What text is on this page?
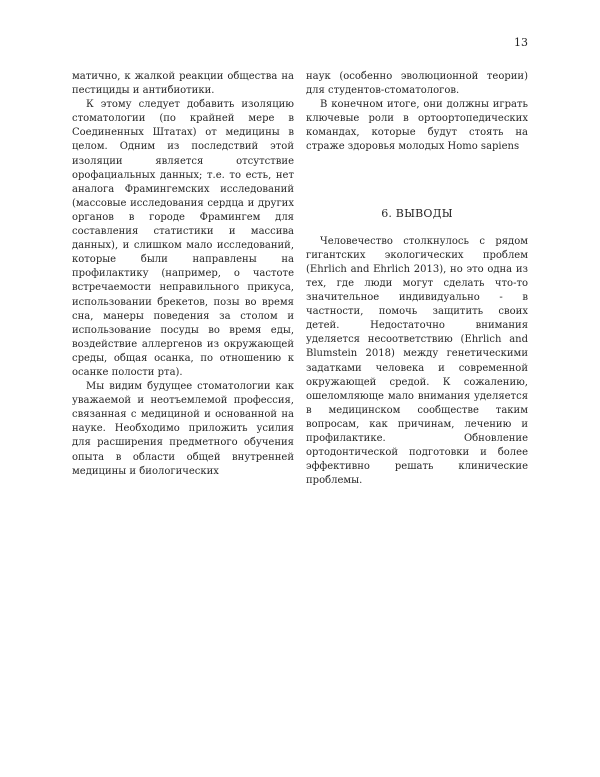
13

матично, к жалкой реакции общества на пестициды и антибиотики.

К этому следует добавить изоляцию стоматологии (по крайней мере в Соединенных Штатах) от медицины в целом. Одним из последствий этой изоляции является отсутствие орофациальных данных; т.е. то есть, нет аналога Фрамингемских исследований (массовые исследования сердца и других органов в городе Фрамингем для составления статистики и массива данных), и слишком мало исследований, которые были направлены на профилактику (например, о частоте встречаемости неправильного прикуса, использовании брекетов, позы во время сна, манеры поведения за столом и использование посуды во время еды, воздействие аллергенов из окружающей среды, общая осанка, по отношению к осанке полости рта).

Мы видим будущее стоматологии как уважаемой и неотъемлемой профессия, связанная с медициной и основанной на науке. Необходимо приложить усилия для расширения предметного обучения опыта в области общей внутренней медицины и биологических

наук (особенно эволюционной теории) для студентов-стоматологов.

В конечном итоге, они должны играть ключевые роли в ортоортопедических командах, которые будут стоять на страже здоровья молодых Homo sapiens

6. ВЫВОДЫ

Человечество столкнулось с рядом гигантских экологических проблем (Ehrlich and Ehrlich 2013), но это одна из тех, где люди могут сделать что-то значительное индивидуально - в частности, помочь защитить своих детей. Недостаточно внимания уделяется несоответствию (Ehrlich and Blumstein 2018) между генетическими задатками человека и современной окружающей средой. К сожалению, ошеломляюще мало внимания уделяется в медицинском сообществе таким вопросам, как причинам, лечению и профилактике. Обновление ортодонтической подготовки и более эффективно решать клинические проблемы.
